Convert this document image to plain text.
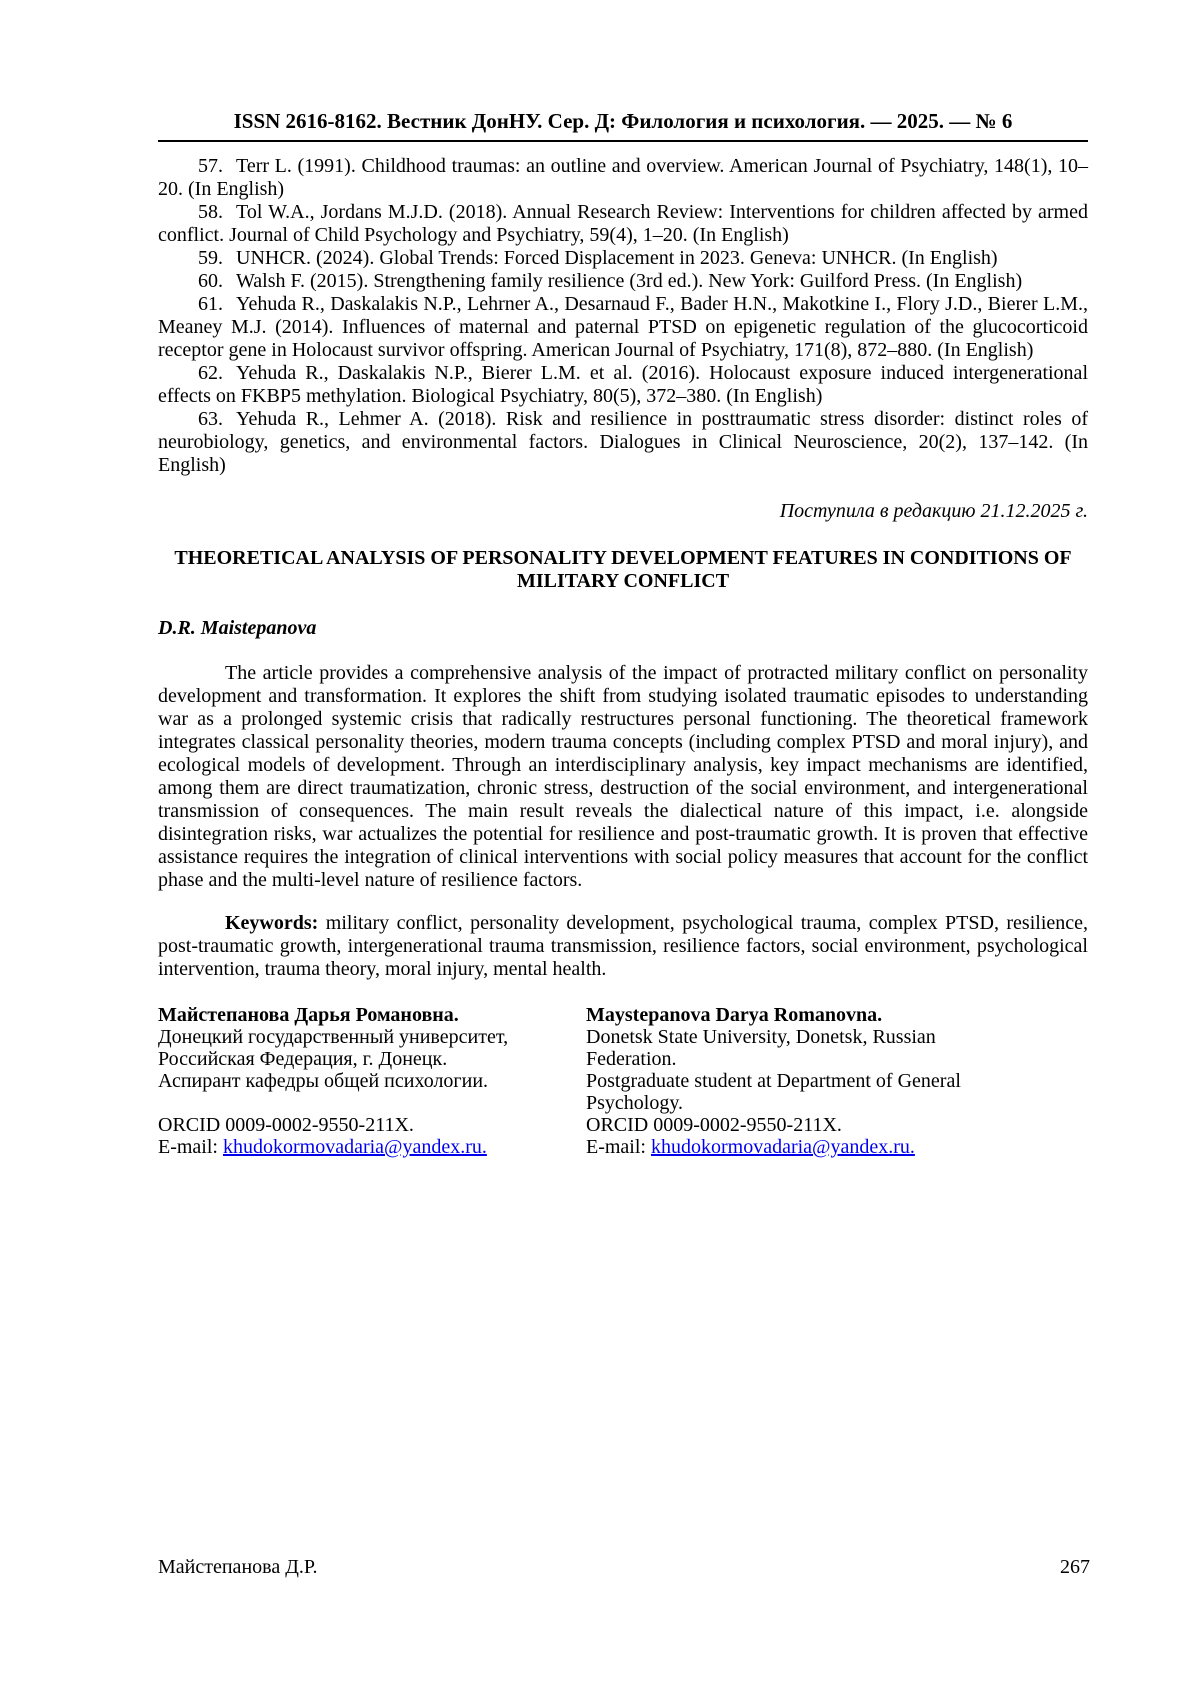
ISSN 2616-8162. Вестник ДонНУ. Сер. Д: Филология и психология. — 2025. — № 6

57. Terr L. (1991). Childhood traumas: an outline and overview. American Journal of Psychiatry, 148(1), 10–20. (In English)

58. Tol W.A., Jordans M.J.D. (2018). Annual Research Review: Interventions for children affected by armed conflict. Journal of Child Psychology and Psychiatry, 59(4), 1–20. (In English)

59. UNHCR. (2024). Global Trends: Forced Displacement in 2023. Geneva: UNHCR. (In English)

60. Walsh F. (2015). Strengthening family resilience (3rd ed.). New York: Guilford Press. (In English)

61. Yehuda R., Daskalakis N.P., Lehrner A., Desarnaud F., Bader H.N., Makotkine I., Flory J.D., Bierer L.M., Meaney M.J. (2014). Influences of maternal and paternal PTSD on epigenetic regulation of the glucocorticoid receptor gene in Holocaust survivor offspring. American Journal of Psychiatry, 171(8), 872–880. (In English)

62. Yehuda R., Daskalakis N.P., Bierer L.M. et al. (2016). Holocaust exposure induced intergenerational effects on FKBP5 methylation. Biological Psychiatry, 80(5), 372–380. (In English)

63. Yehuda R., Lehmer A. (2018). Risk and resilience in posttraumatic stress disorder: distinct roles of neurobiology, genetics, and environmental factors. Dialogues in Clinical Neuroscience, 20(2), 137–142. (In English)

Поступила в редакцию 21.12.2025 г.
THEORETICAL ANALYSIS OF PERSONALITY DEVELOPMENT FEATURES IN CONDITIONS OF MILITARY CONFLICT
D.R. Maistepanova

The article provides a comprehensive analysis of the impact of protracted military conflict on personality development and transformation. It explores the shift from studying isolated traumatic episodes to understanding war as a prolonged systemic crisis that radically restructures personal functioning. The theoretical framework integrates classical personality theories, modern trauma concepts (including complex PTSD and moral injury), and ecological models of development. Through an interdisciplinary analysis, key impact mechanisms are identified, among them are direct traumatization, chronic stress, destruction of the social environment, and intergenerational transmission of consequences. The main result reveals the dialectical nature of this impact, i.e. alongside disintegration risks, war actualizes the potential for resilience and post-traumatic growth. It is proven that effective assistance requires the integration of clinical interventions with social policy measures that account for the conflict phase and the multi-level nature of resilience factors.

Keywords: military conflict, personality development, psychological trauma, complex PTSD, resilience, post-traumatic growth, intergenerational trauma transmission, resilience factors, social environment, psychological intervention, trauma theory, moral injury, mental health.

Майстепанова Дарья Романовна.
Донецкий государственный университет,
Российская Федерация, г. Донецк.
Аспирант кафедры общей психологии.
ORCID 0009-0002-9550-211X.
E-mail: khudokormovadaria@yandex.ru.
Maystepanova Darya Romanovna.
Donetsk State University, Donetsk, Russian
Federation.
Postgraduate student at Department of General
Psychology.
ORCID 0009-0002-9550-211X.
E-mail: khudokormovadaria@yandex.ru.
Майстепанова Д.Р.	267
